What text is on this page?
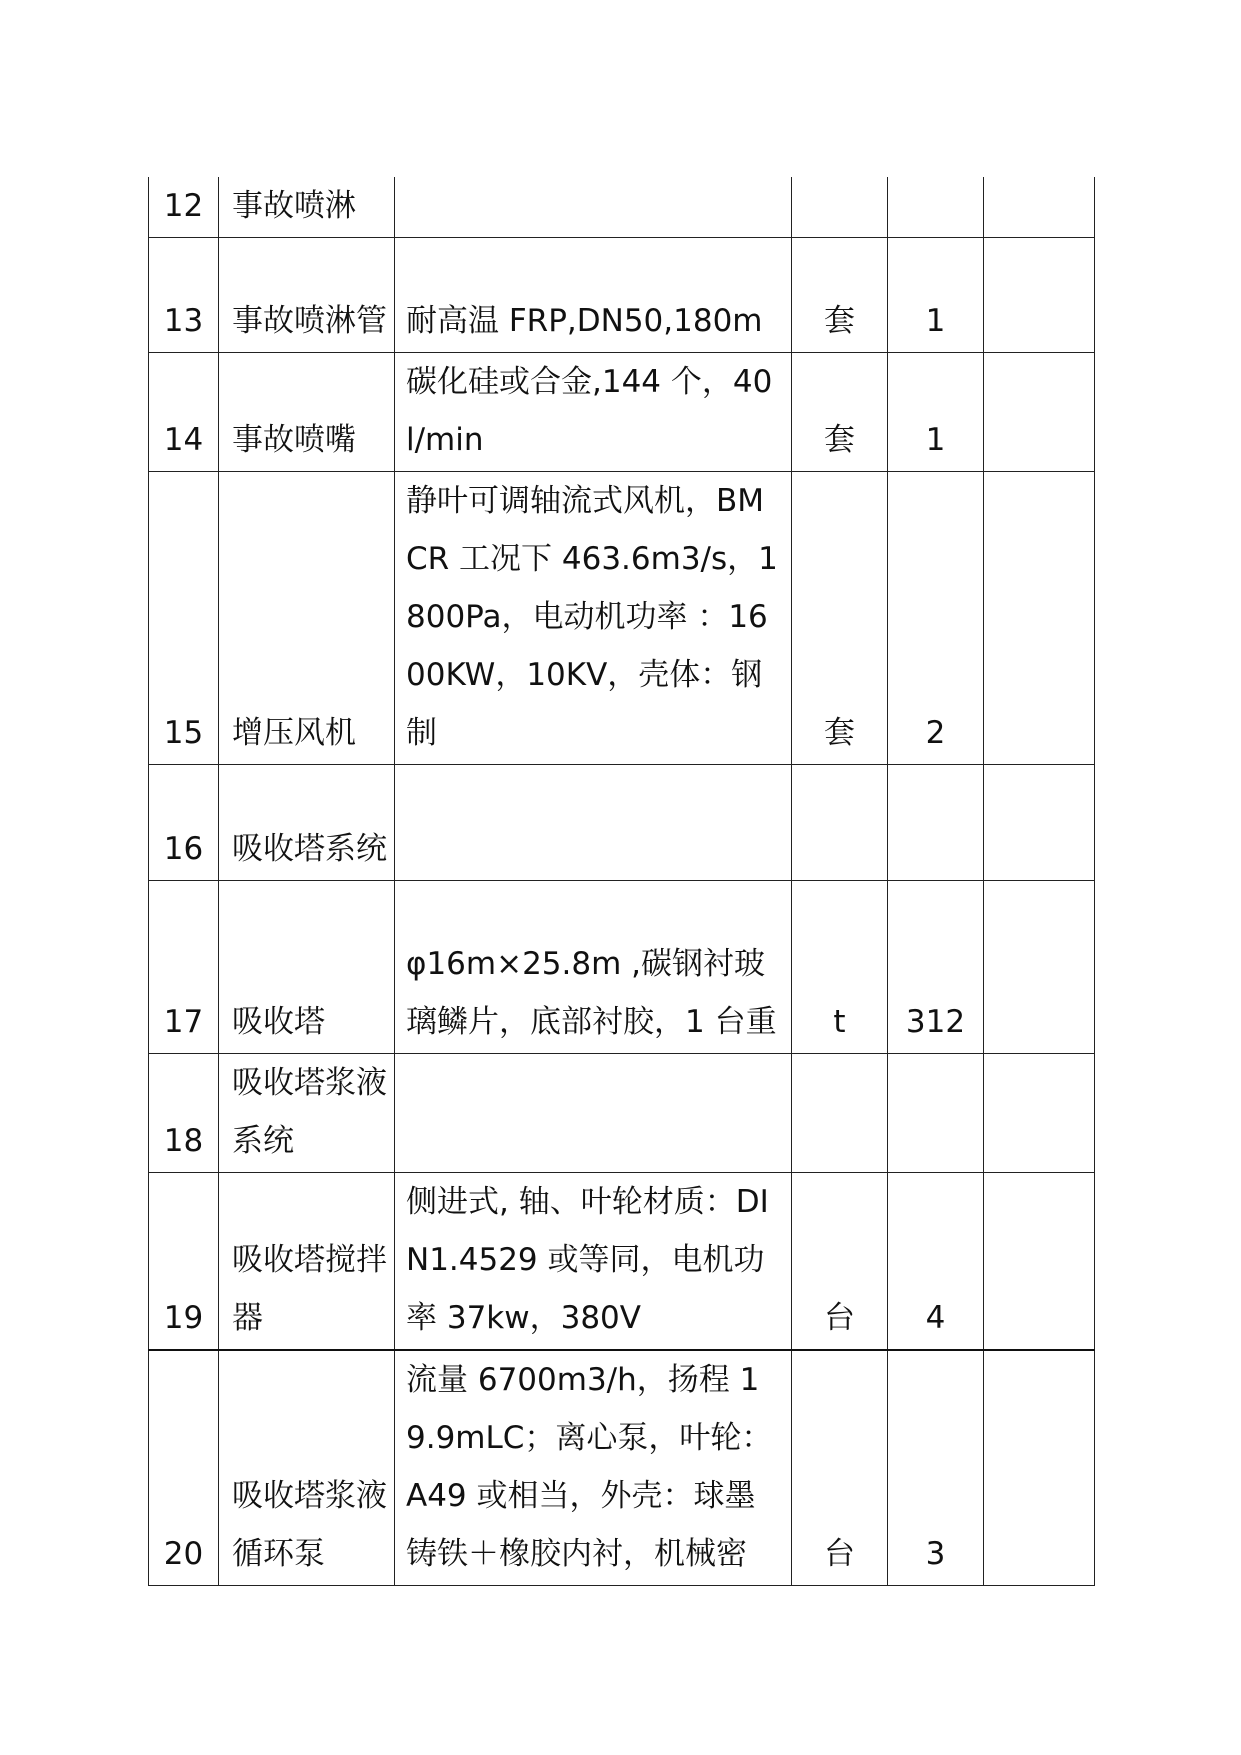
12	事故喷淋				
13	事故喷淋管	耐高温 FRP,DN50,180m	套	1	
14	事故喷嘴	碳化硅或合金,144 个，40l/min	套	1	
15	增压风机	静叶可调轴流式风机，BMCR 工况下 463.6m3/s，1800Pa，电动机功率 ：1600KW，10KV，壳体：钢制	套	2	
16	吸收塔系统				
17	吸收塔	φ16m×25.8m ,碳钢衬玻璃鳞片，底部衬胶，1 台重	t	312	
18	吸收塔浆液系统				
19	吸收塔搅拌器	侧进式, 轴、叶轮材质：DIN1.4529 或等同，电机功率 37kw，380V	台	4	
20	吸收塔浆液循环泵	流量 6700m3/h，扬程 19.9mLC；离心泵，叶轮：A49 或相当，外壳：球墨铸铁＋橡胶内衬，机械密	台	3	
